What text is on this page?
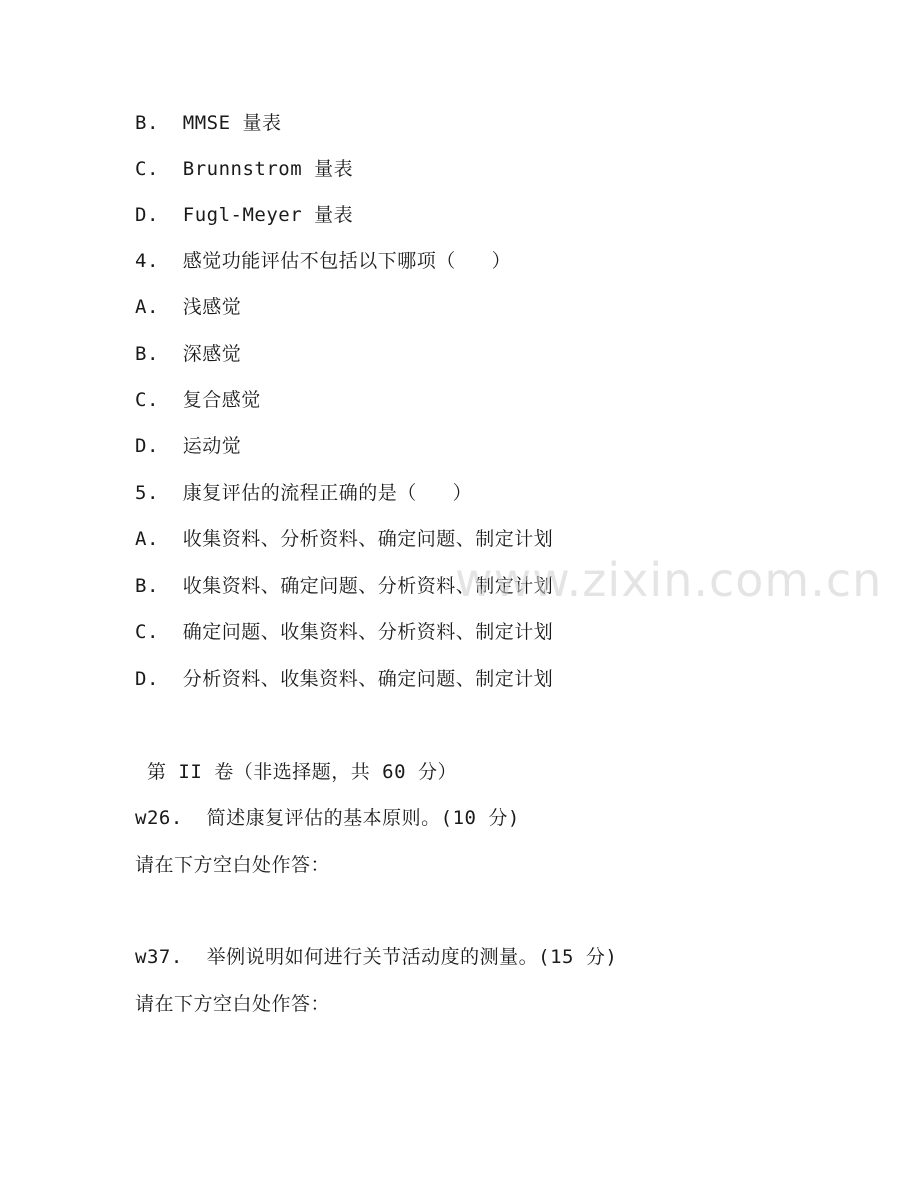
B.  MMSE 量表
C.  Brunnstrom 量表
D.  Fugl-Meyer 量表
4.  感觉功能评估不包括以下哪项（   ）
A.  浅感觉
B.  深感觉
C.  复合感觉
D.  运动觉
5.  康复评估的流程正确的是（   ）
A.  收集资料、分析资料、确定问题、制定计划
B.  收集资料、确定问题、分析资料、制定计划
C.  确定问题、收集资料、分析资料、制定计划
D.  分析资料、收集资料、确定问题、制定计划
第 II 卷（非选择题，共 60 分）
w26.  简述康复评估的基本原则。(10 分)
请在下方空白处作答：
w37.  举例说明如何进行关节活动度的测量。(15 分)
请在下方空白处作答：
www.zixin.com.cn
